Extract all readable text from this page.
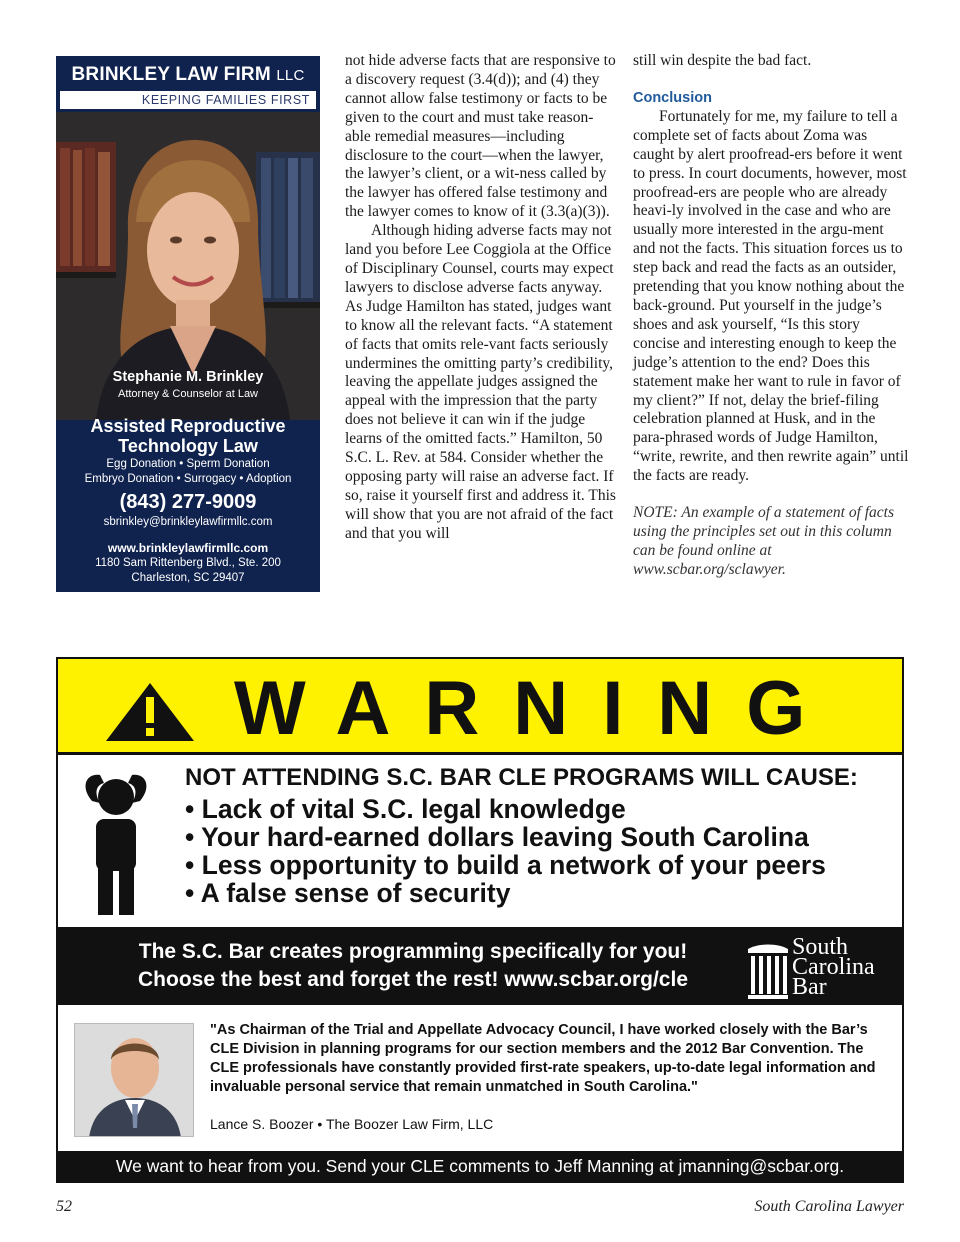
BRINKLEY LAW FIRM LLC
KEEPING FAMILIES FIRST
Stephanie M. Brinkley
Attorney & Counselor at Law
Assisted Reproductive
Technology Law
Egg Donation • Sperm Donation
Embryo Donation • Surrogacy • Adoption
(843) 277-9009
sbrinkley@brinkleylawfirmllc.com
www.brinkleylawfirmllc.com
1180 Sam Rittenberg Blvd., Ste. 200
Charleston, SC 29407

not hide adverse facts that are responsive to a discovery request (3.4(d)); and (4) they cannot allow false testimony or facts to be given to the court and must take reason-able remedial measures—including disclosure to the court—when the lawyer, the lawyer’s client, or a wit-ness called by the lawyer has offered false testimony and the lawyer comes to know of it (3.3(a)(3)).

Although hiding adverse facts may not land you before Lee Coggiola at the Office of Disciplinary Counsel, courts may expect lawyers to disclose adverse facts anyway. As Judge Hamilton has stated, judges want to know all the relevant facts. “A statement of facts that omits rele-vant facts seriously undermines the omitting party’s credibility, leaving the appellate judges assigned the appeal with the impression that the party does not believe it can win if the judge learns of the omitted facts.” Hamilton, 50 S.C. L. Rev. at 584. Consider whether the opposing party will raise an adverse fact. If so, raise it yourself first and address it. This will show that you are not afraid of the fact and that you will

still win despite the bad fact.

Conclusion

Fortunately for me, my failure to tell a complete set of facts about Zoma was caught by alert proofread-ers before it went to press. In court documents, however, most proofread-ers are people who are already heavi-ly involved in the case and who are usually more interested in the argu-ment and not the facts. This situation forces us to step back and read the facts as an outsider, pretending that you know nothing about the back-ground. Put yourself in the judge’s shoes and ask yourself, “Is this story concise and interesting enough to keep the judge’s attention to the end? Does this statement make her want to rule in favor of my client?” If not, delay the brief-filing celebration planned at Husk, and in the para-phrased words of Judge Hamilton, “write, rewrite, and then rewrite again” until the facts are ready.

NOTE: An example of a statement of facts using the principles set out in this column can be found online at www.scbar.org/sclawyer.

WARNING
NOT ATTENDING S.C. BAR CLE PROGRAMS WILL CAUSE:
• Lack of vital S.C. legal knowledge
• Your hard-earned dollars leaving South Carolina
• Less opportunity to build a network of your peers
• A false sense of security
The S.C. Bar creates programming specifically for you!
Choose the best and forget the rest! www.scbar.org/cle
South
Carolina
Bar
"As Chairman of the Trial and Appellate Advocacy Council, I have worked closely with the Bar’s CLE Division in planning programs for our section members and the 2012 Bar Convention. The CLE professionals have constantly provided first-rate speakers, up-to-date legal information and invaluable personal service that remain unmatched in South Carolina."
Lance S. Boozer • The Boozer Law Firm, LLC
We want to hear from you. Send your CLE comments to Jeff Manning at jmanning@scbar.org.
52	South Carolina Lawyer
